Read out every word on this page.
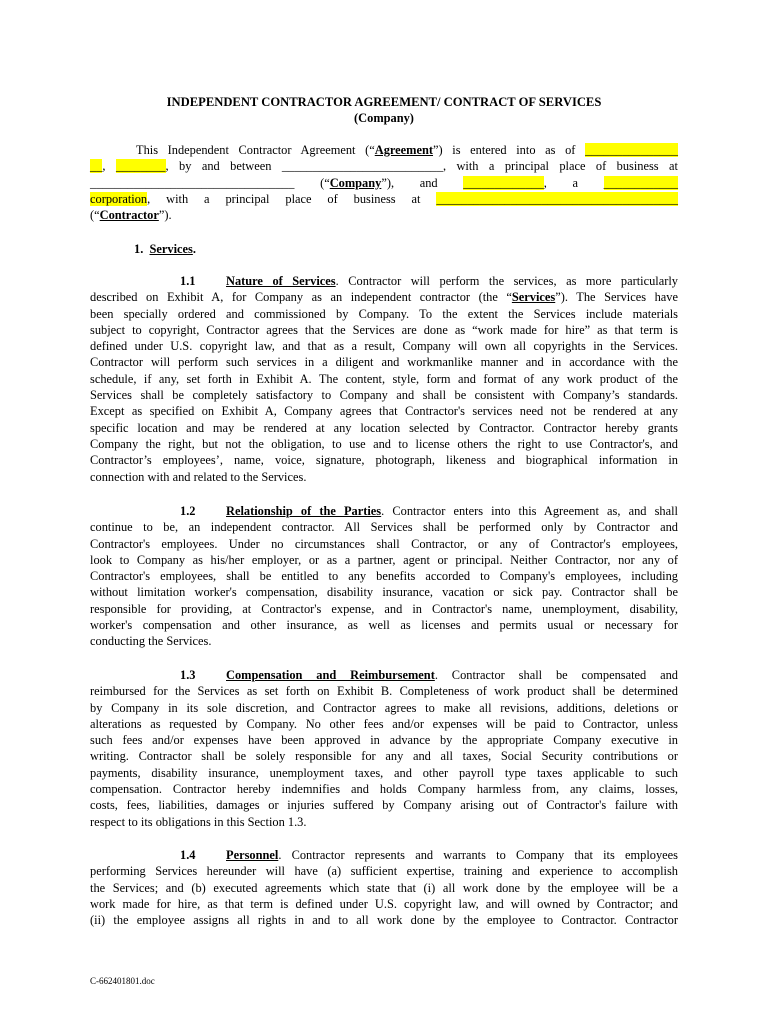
INDEPENDENT CONTRACTOR AGREEMENT/ CONTRACT OF SERVICES
(Company)
This Independent Contractor Agreement (“Agreement”) is entered into as of _______________
__, ________, by and between __________________________, with a principal place of business at
_________________________________ (“Company”), and _____________, a ____________
corporation, with a principal place of business at _______________________________________
(“Contractor”).
1. Services.
1.1 Nature of Services. Contractor will perform the services, as more particularly
described on Exhibit A, for Company as an independent contractor (the “Services”). The Services have
been specially ordered and commissioned by Company. To the extent the Services include materials
subject to copyright, Contractor agrees that the Services are done as “work made for hire” as that term is
defined under U.S. copyright law, and that as a result, Company will own all copyrights in the Services.
Contractor will perform such services in a diligent and workmanlike manner and in accordance with the
schedule, if any, set forth in Exhibit A. The content, style, form and format of any work product of the
Services shall be completely satisfactory to Company and shall be consistent with Company’s standards.
Except as specified on Exhibit A, Company agrees that Contractor's services need not be rendered at any
specific location and may be rendered at any location selected by Contractor. Contractor hereby grants
Company the right, but not the obligation, to use and to license others the right to use Contractor's, and
Contractor’s employees’, name, voice, signature, photograph, likeness and biographical information in
connection with and related to the Services.
1.2 Relationship of the Parties. Contractor enters into this Agreement as, and shall
continue to be, an independent contractor. All Services shall be performed only by Contractor and
Contractor's employees. Under no circumstances shall Contractor, or any of Contractor's employees,
look to Company as his/her employer, or as a partner, agent or principal. Neither Contractor, nor any of
Contractor's employees, shall be entitled to any benefits accorded to Company's employees, including
without limitation worker's compensation, disability insurance, vacation or sick pay. Contractor shall be
responsible for providing, at Contractor's expense, and in Contractor's name, unemployment, disability,
worker's compensation and other insurance, as well as licenses and permits usual or necessary for
conducting the Services.
1.3 Compensation and Reimbursement. Contractor shall be compensated and
reimbursed for the Services as set forth on Exhibit B. Completeness of work product shall be determined
by Company in its sole discretion, and Contractor agrees to make all revisions, additions, deletions or
alterations as requested by Company. No other fees and/or expenses will be paid to Contractor, unless
such fees and/or expenses have been approved in advance by the appropriate Company executive in
writing. Contractor shall be solely responsible for any and all taxes, Social Security contributions or
payments, disability insurance, unemployment taxes, and other payroll type taxes applicable to such
compensation. Contractor hereby indemnifies and holds Company harmless from, any claims, losses,
costs, fees, liabilities, damages or injuries suffered by Company arising out of Contractor's failure with
respect to its obligations in this Section 1.3.
1.4 Personnel. Contractor represents and warrants to Company that its employees
performing Services hereunder will have (a) sufficient expertise, training and experience to accomplish
the Services; and (b) executed agreements which state that (i) all work done by the employee will be a
work made for hire, as that term is defined under U.S. copyright law, and will owned by Contractor; and
(ii) the employee assigns all rights in and to all work done by the employee to Contractor. Contractor
C-662401801.doc
